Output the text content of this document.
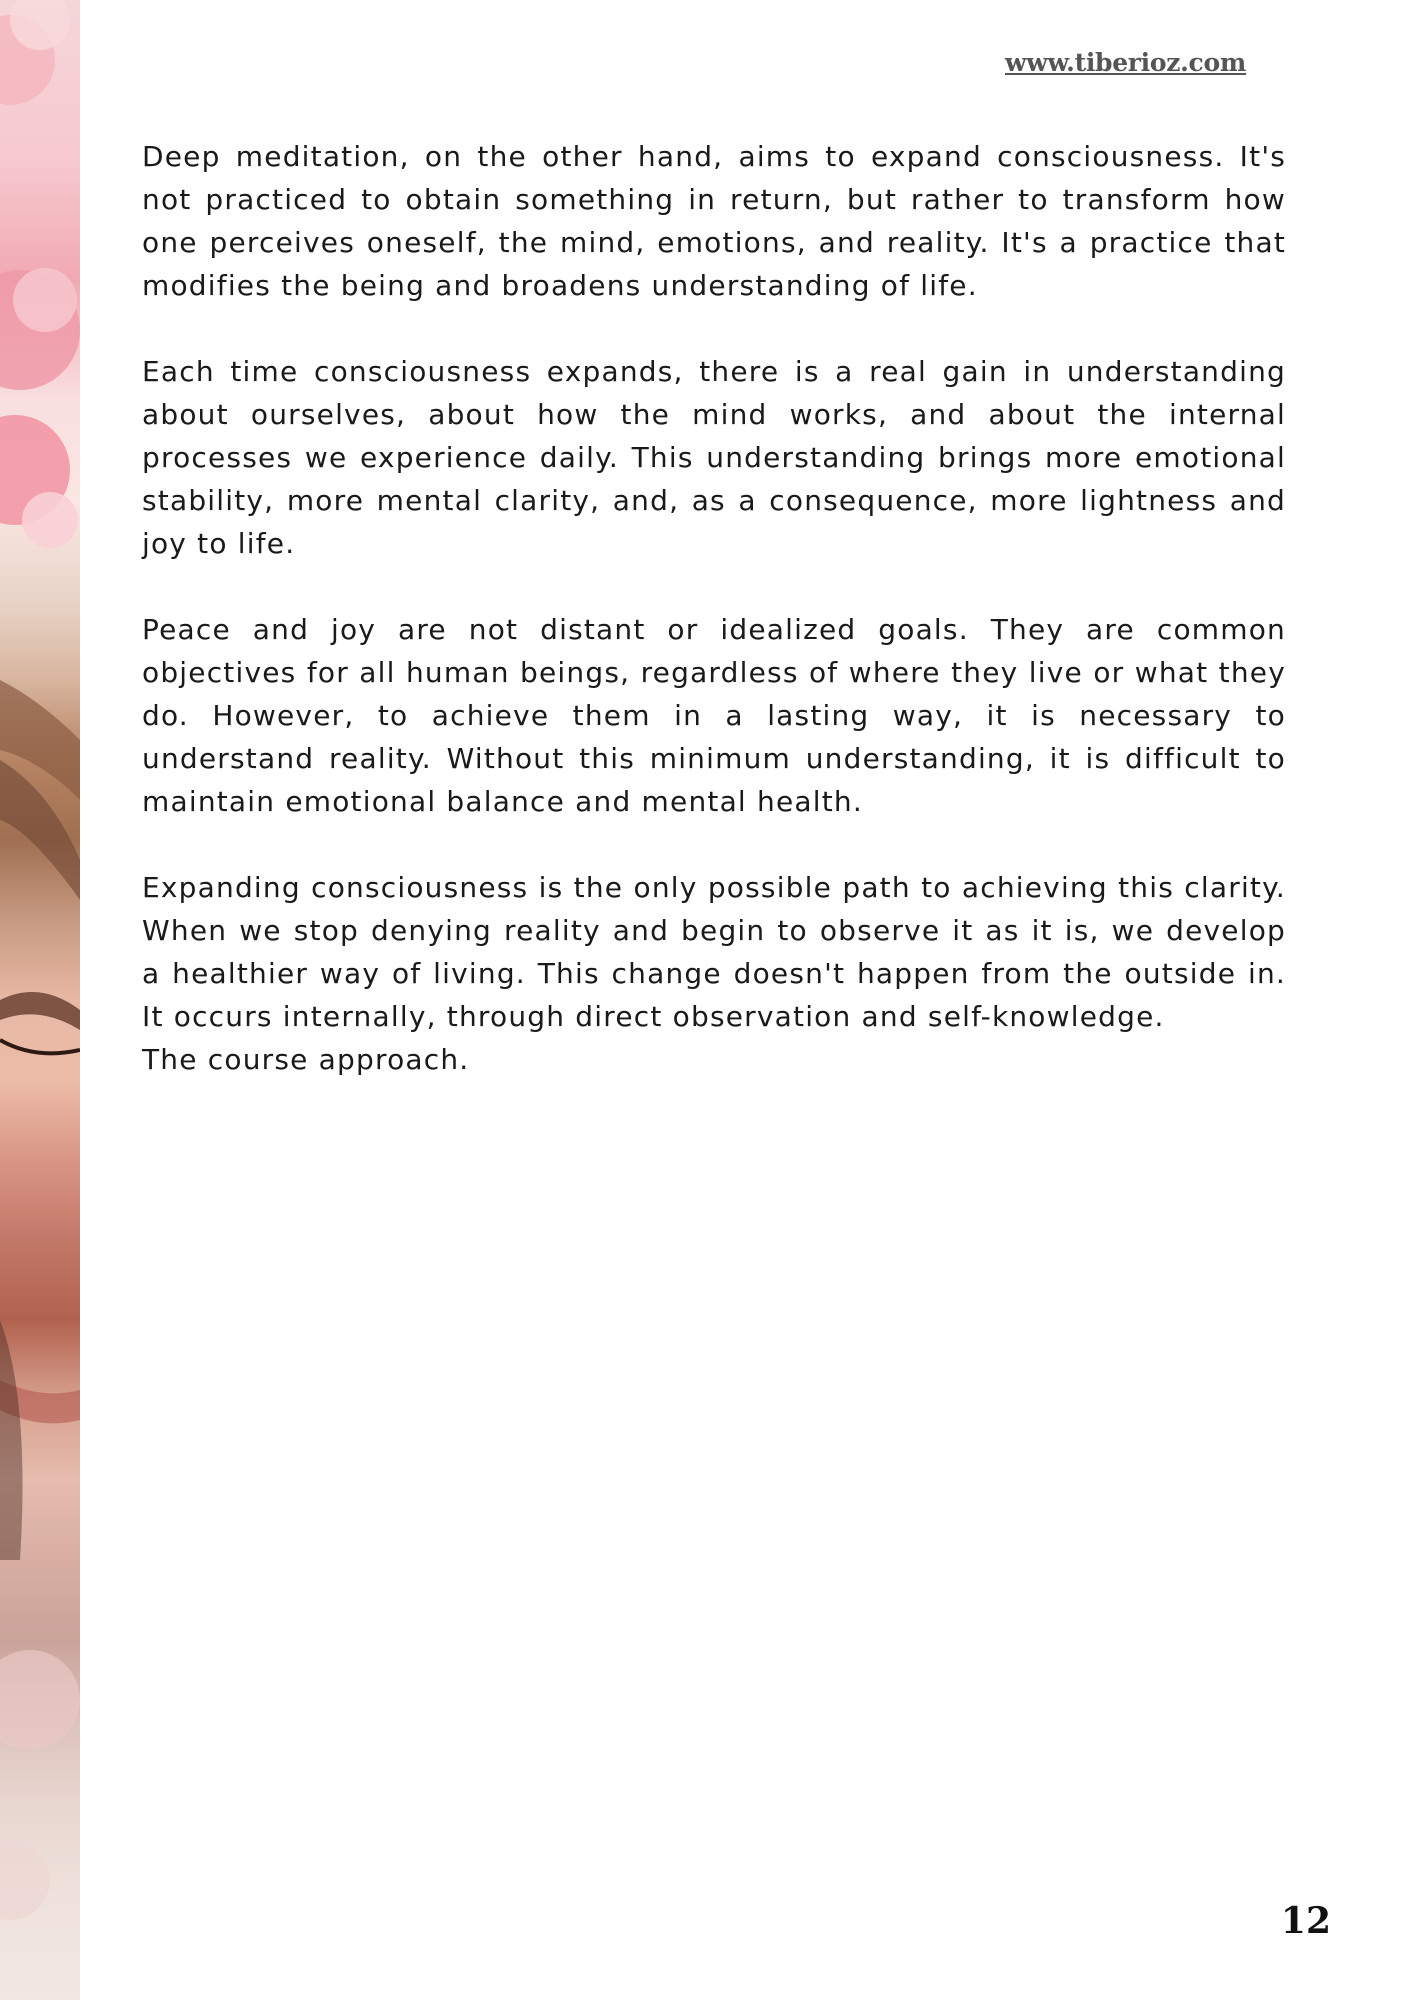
www.tiberioz.com

Deep meditation, on the other hand, aims to expand consciousness. It's not practiced to obtain something in return, but rather to transform how one perceives oneself, the mind, emotions, and reality. It's a practice that modifies the being and broadens understanding of life.

Each time consciousness expands, there is a real gain in understanding about ourselves, about how the mind works, and about the internal processes we experience daily. This understanding brings more emotional stability, more mental clarity, and, as a consequence, more lightness and joy to life.

Peace and joy are not distant or idealized goals. They are common objectives for all human beings, regardless of where they live or what they do. However, to achieve them in a lasting way, it is necessary to understand reality. Without this minimum understanding, it is difficult to maintain emotional balance and mental health.

Expanding consciousness is the only possible path to achieving this clarity. When we stop denying reality and begin to observe it as it is, we develop a healthier way of living. This change doesn't happen from the outside in. It occurs internally, through direct observation and self-knowledge.

The course approach.

12
